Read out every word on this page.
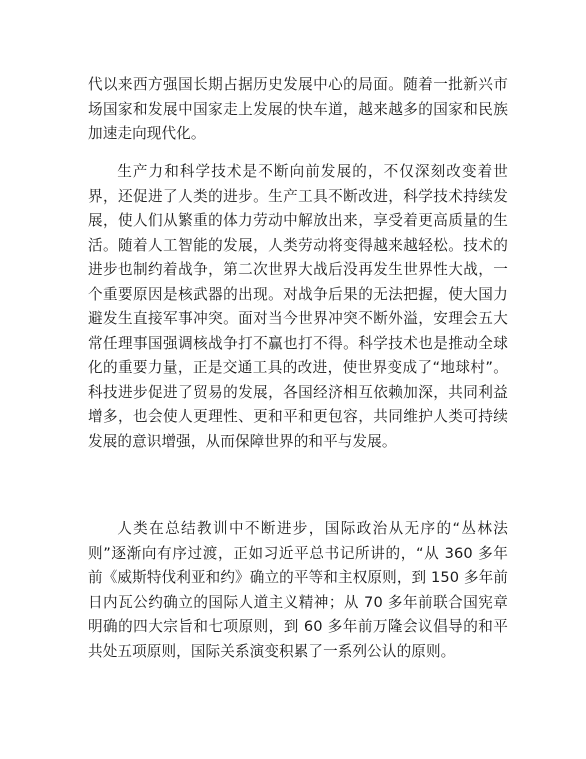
代以来西方强国长期占据历史发展中心的局面。随着一批新兴市场国家和发展中国家走上发展的快车道，越来越多的国家和民族加速走向现代化。

生产力和科学技术是不断向前发展的，不仅深刻改变着世界，还促进了人类的进步。生产工具不断改进，科学技术持续发展，使人们从繁重的体力劳动中解放出来，享受着更高质量的生活。随着人工智能的发展，人类劳动将变得越来越轻松。技术的进步也制约着战争，第二次世界大战后没再发生世界性大战，一个重要原因是核武器的出现。对战争后果的无法把握，使大国力避发生直接军事冲突。面对当今世界冲突不断外溢，安理会五大常任理事国强调核战争打不赢也打不得。科学技术也是推动全球化的重要力量，正是交通工具的改进，使世界变成了“地球村”。科技进步促进了贸易的发展，各国经济相互依赖加深，共同利益增多，也会使人更理性、更和平和更包容，共同维护人类可持续发展的意识增强，从而保障世界的和平与发展。

人类在总结教训中不断进步，国际政治从无序的“丛林法则”逐渐向有序过渡，正如习近平总书记所讲的，“从 360 多年前《威斯特伐利亚和约》确立的平等和主权原则，到 150 多年前日内瓦公约确立的国际人道主义精神；从 70 多年前联合国宪章明确的四大宗旨和七项原则，到 60 多年前万隆会议倡导的和平共处五项原则，国际关系演变积累了一系列公认的原则。
